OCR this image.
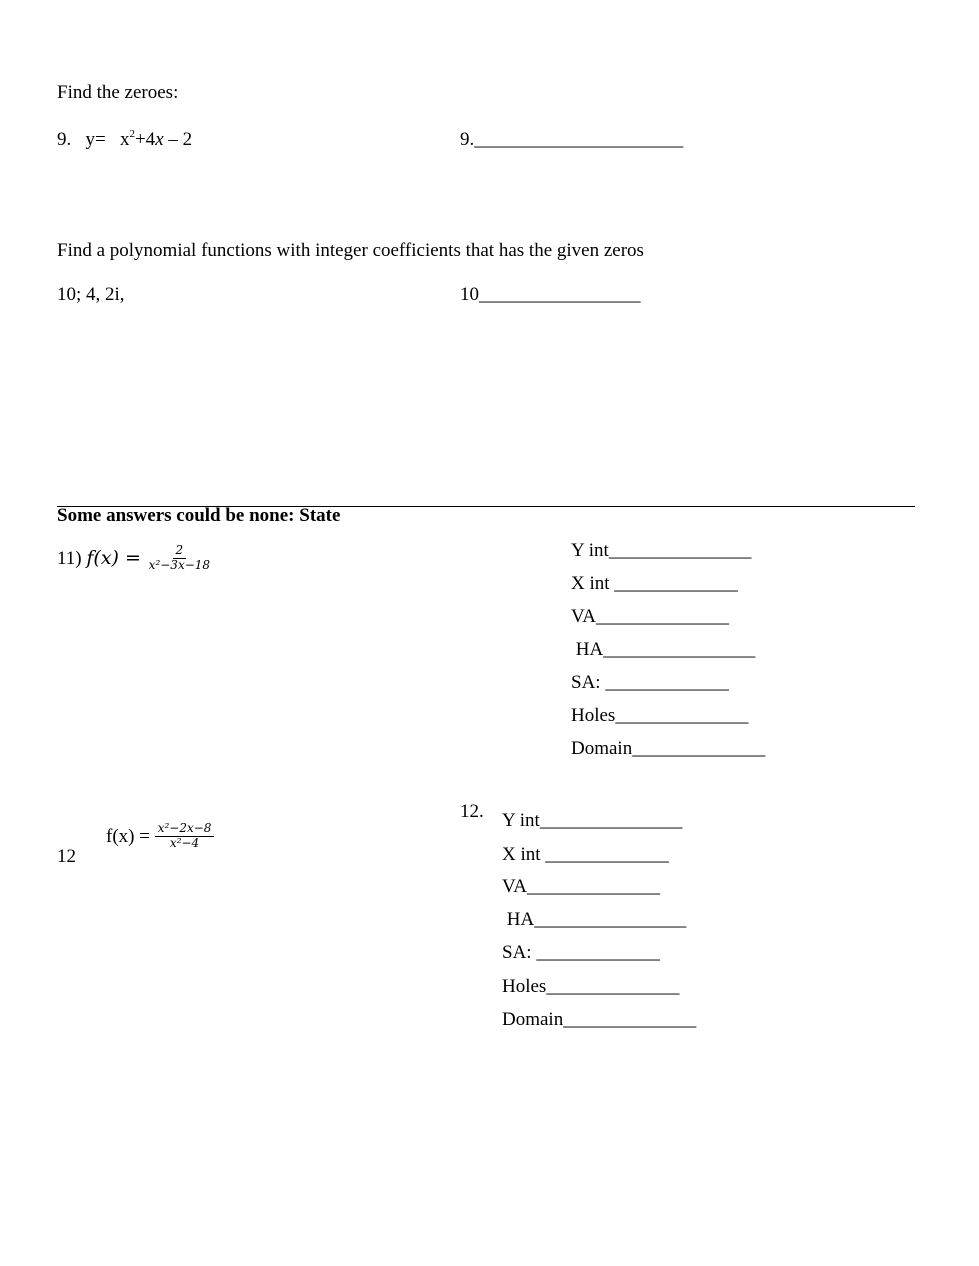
Find the zeroes:
9. $y= x^2+4x - 2$	9.______________________
Find a polynomial functions with integer coefficients that has the given zeros
10; 4, 2i,	10_________________
Some answers could be none: State
11)
f(x) =
$\frac{2}{\text{x²−3x−18}}$	Y int_______________
X int _____________
VA______________
HA________________
SA: _____________
Holes______________
Domain______________
12
f(x) =
$\frac{\text{x²−2x−8}}{\text{x²−4}}$
12. Y int_______________
X int _____________
VA______________
HA________________
SA: _____________
Holes______________
Domain______________
